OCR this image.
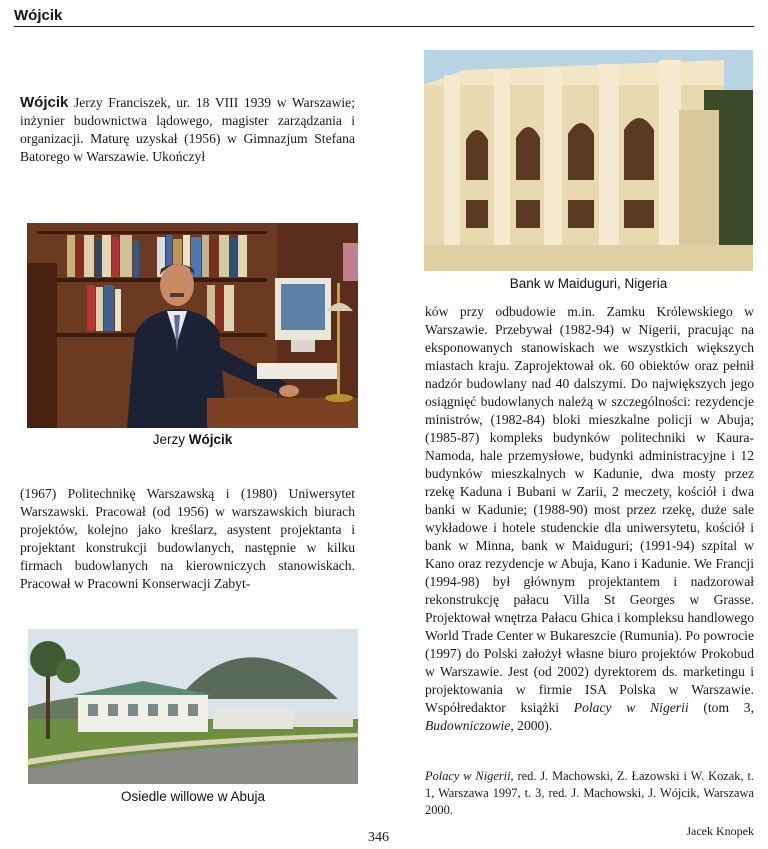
Wójcik

Wójcik Jerzy Franciszek, ur. 18 VIII 1939 w Warszawie; inżynier budownictwa lądowego, magister zarządzania i organizacji. Maturę uzyskał (1956) w Gimnazjum Stefana Batorego w Warszawie. Ukończył

Jerzy Wójcik

(1967) Politechnikę Warszawską i (1980) Uniwersytet Warszawski. Pracował (od 1956) w warszawskich biurach projektów, kolejno jako kreślarz, asystent projektanta i projektant konstrukcji budowlanych, następnie w kilku firmach budowlanych na kierowniczych stanowiskach. Pracował w Pracowni Konserwacji Zabyt-

Osiedle willowe w Abuja
Bank w Maiduguri, Nigeria

ków przy odbudowie m.in. Zamku Królewskiego w Warszawie. Przebywał (1982-94) w Nigerii, pracując na eksponowanych stanowiskach we wszystkich większych miastach kraju. Zaprojektował ok. 60 obiektów oraz pełnił nadzór budowlany nad 40 dalszymi. Do największych jego osiągnięć budowlanych należą w szczególności: rezydencje ministrów, (1982-84) bloki mieszkalne policji w Abuja; (1985-87) kompleks budynków politechniki w Kaura-Namoda, hale przemysłowe, budynki administracyjne i 12 budynków mieszkalnych w Kadunie, dwa mosty przez rzekę Kaduna i Bubani w Zarii, 2 meczety, kościół i dwa banki w Kadunie; (1988-90) most przez rzekę, duże sale wykładowe i hotele studenckie dla uniwersytetu, kościół i bank w Minna, bank w Maiduguri; (1991-94) szpital w Kano oraz rezydencje w Abuja, Kano i Kadunie. We Francji (1994-98) był głównym projektantem i nadzorował rekonstrukcję pałacu Villa St Georges w Grasse. Projektował wnętrza Pałacu Ghica i kompleksu handlowego World Trade Center w Bukareszcie (Rumunia). Po powrocie (1997) do Polski założył własne biuro projektów Prokobud w Warszawie. Jest (od 2002) dyrektorem ds. marketingu i projektowania w firmie ISA Polska w Warszawie. Współredaktor książki Polacy w Nigerii (tom 3, Budowniczowie, 2000).

Polacy w Nigerii, red. J. Machowski, Z. Łazowski i W. Kozak, t. 1, Warszawa 1997, t. 3, red. J. Machowski, J. Wójcik, Warszawa 2000.

346	Jacek Knopek
